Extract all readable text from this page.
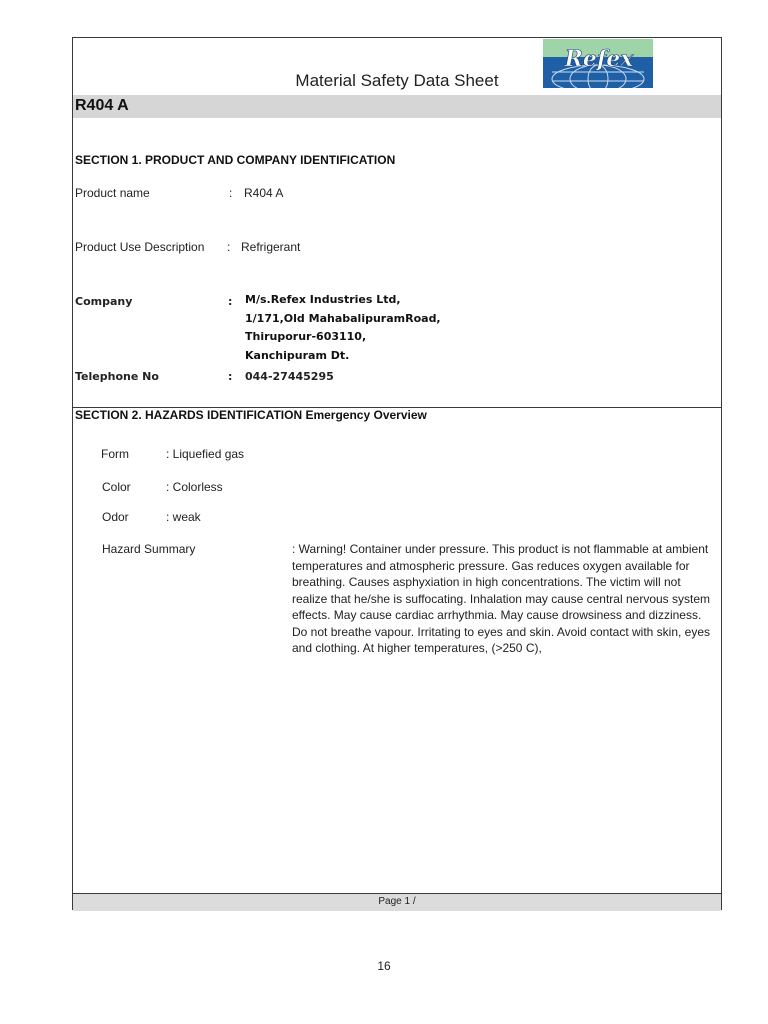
Material Safety Data Sheet
Refex
R404 A
SECTION 1. PRODUCT AND COMPANY IDENTIFICATION
Product name	: R404 A
Product Use Description : Refrigerant
Company	: M/s.Refex Industries Ltd,
1/171,Old MahabalipuramRoad,
Thiruporur-603110,
Kanchipuram Dt.
Telephone No	: 044-27445295
SECTION 2. HAZARDS IDENTIFICATION Emergency Overview
Form	: Liquefied gas
Color	: Colorless
Odor	: weak
Hazard Summary	: Warning! Container under pressure. This product is not flammable at ambient temperatures and atmospheric pressure. Gas reduces oxygen available for breathing. Causes asphyxiation in high concentrations. The victim will not realize that he/she is suffocating. Inhalation may cause central nervous system effects. May cause cardiac arrhythmia. May cause drowsiness and dizziness. Do not breathe vapour. Irritating to eyes and skin. Avoid contact with skin, eyes and clothing. At higher temperatures, (>250 C),
Page 1 /
16
